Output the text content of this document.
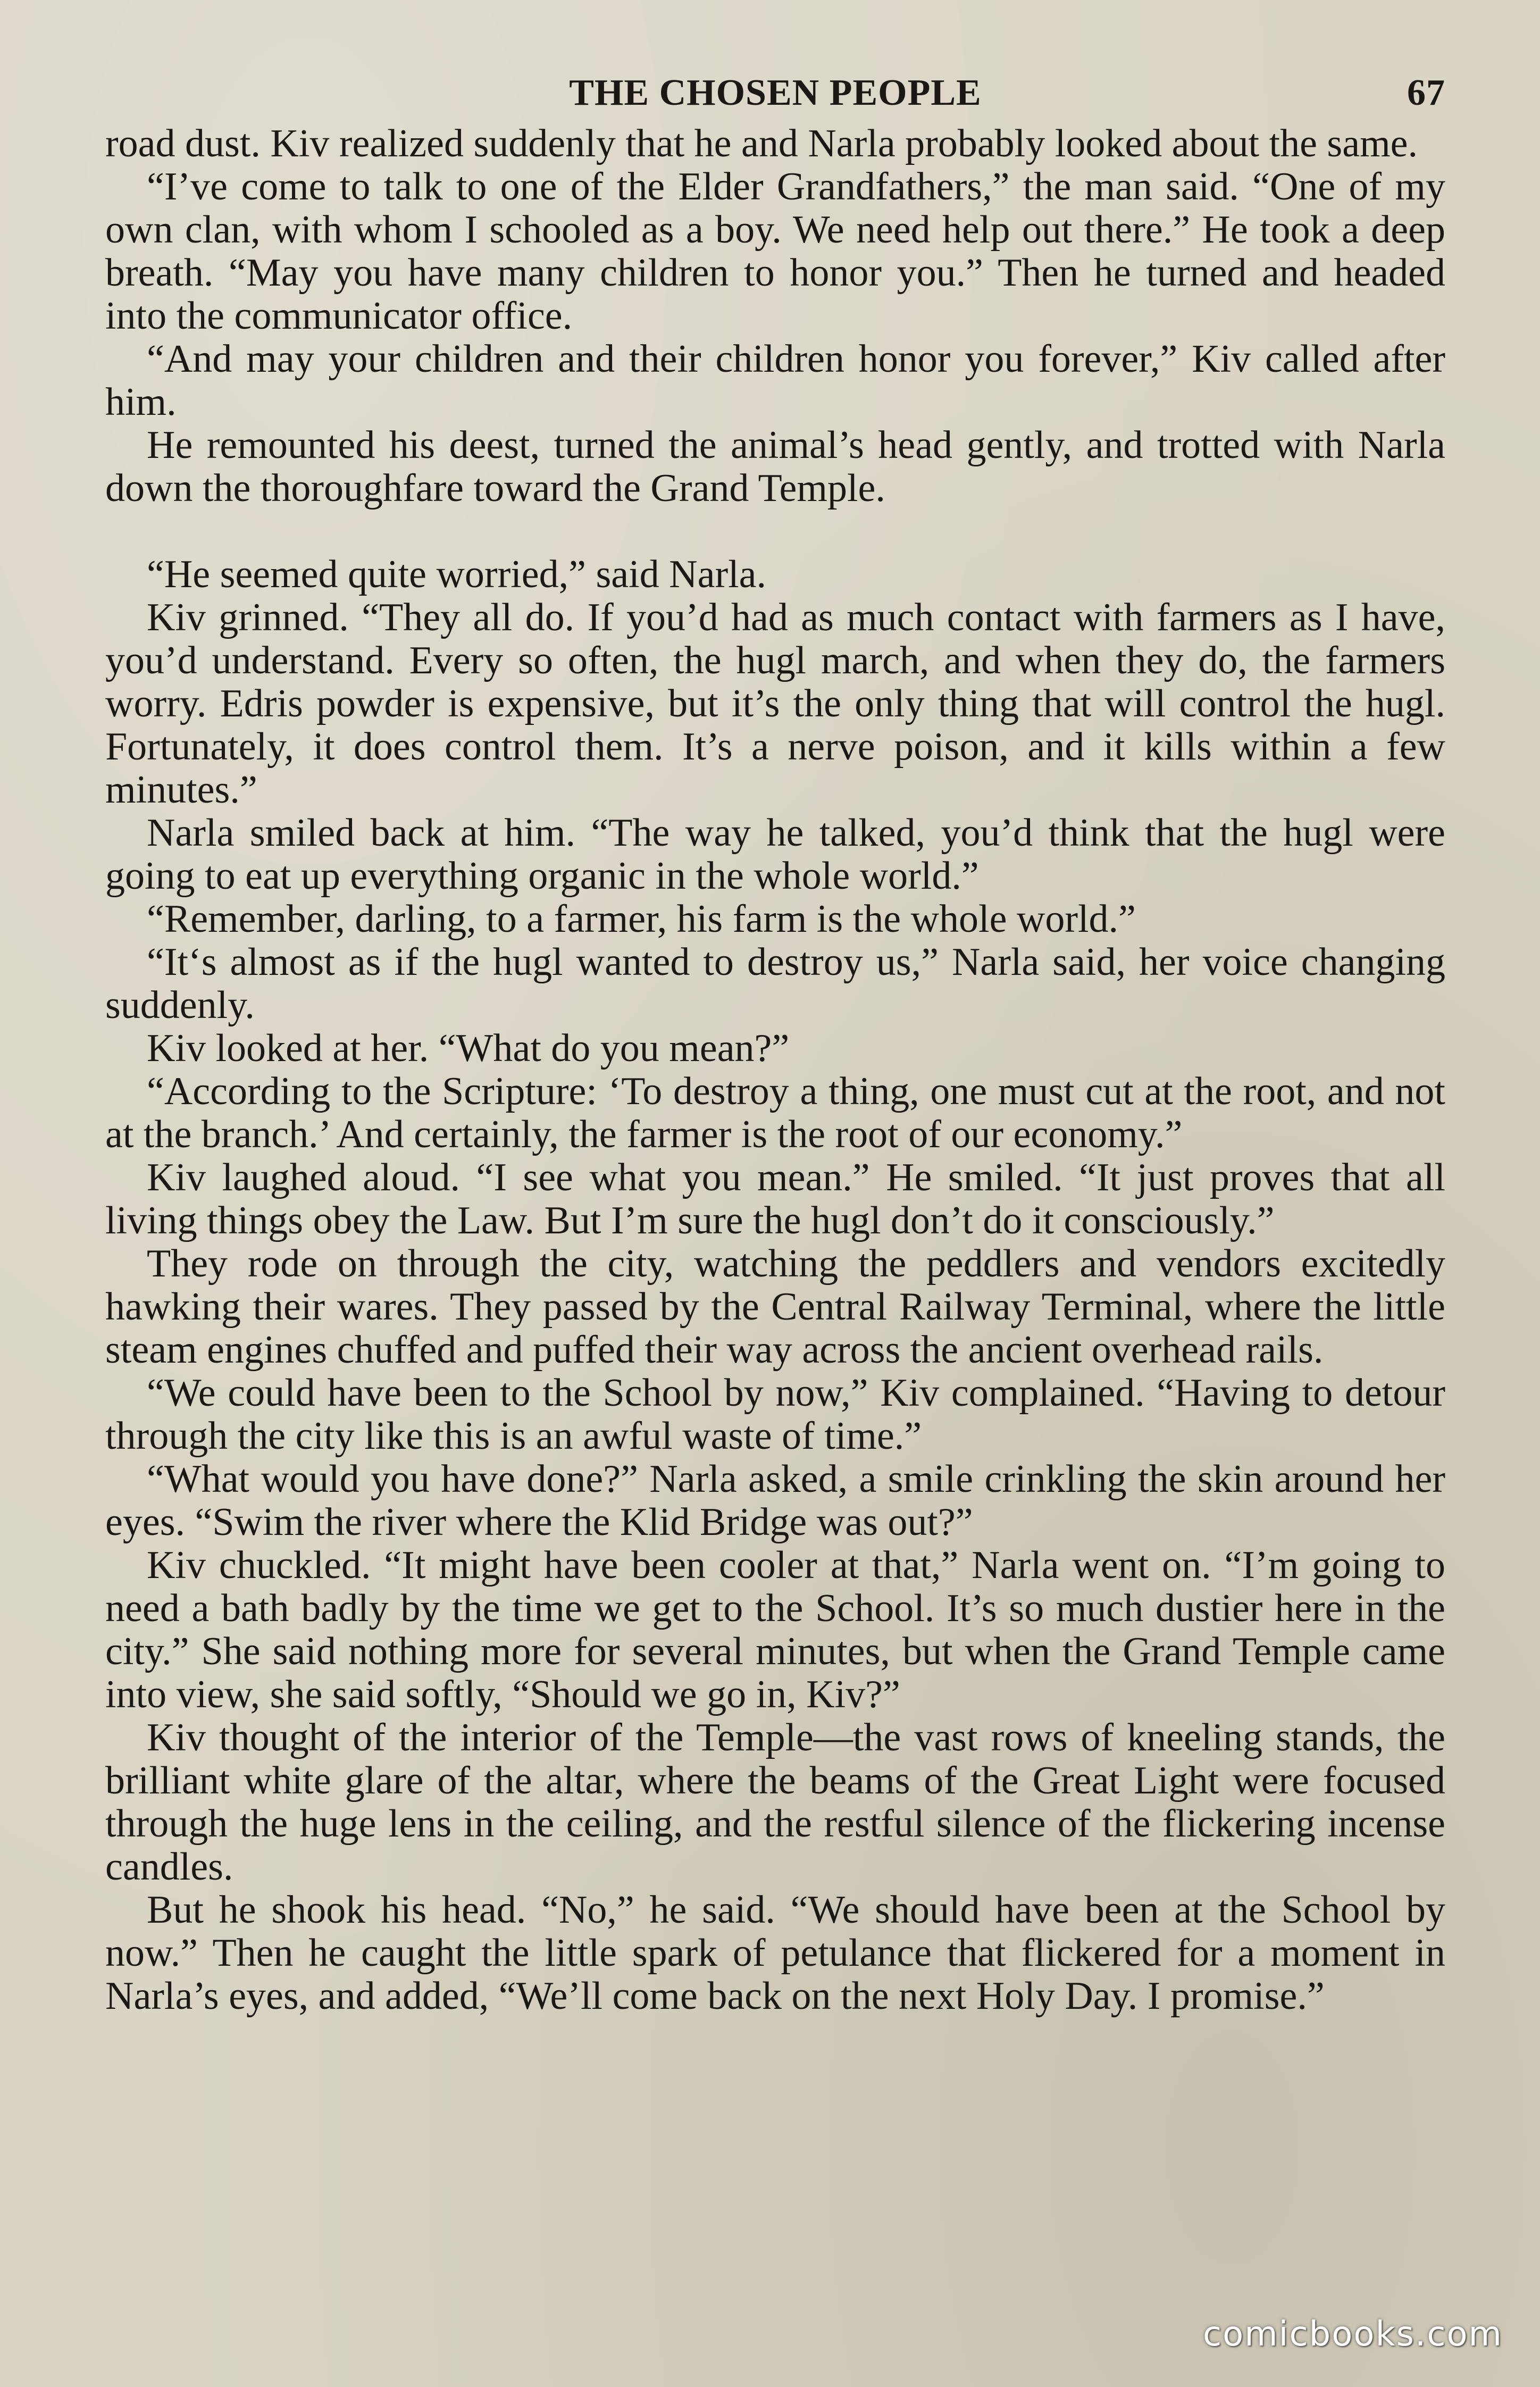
THE CHOSEN PEOPLE	67

road dust. Kiv realized suddenly that he and Narla probably looked about the same.

“I’ve come to talk to one of the Elder Grandfathers,” the man said. “One of my own clan, with whom I schooled as a boy. We need help out there.” He took a deep breath. “May you have many children to honor you.” Then he turned and headed into the communicator office.

“And may your children and their children honor you forever,” Kiv called after him.

He remounted his deest, turned the animal’s head gently, and trotted with Narla down the thoroughfare toward the Grand Temple.

“He seemed quite worried,” said Narla.

Kiv grinned. “They all do. If you’d had as much contact with farmers as I have, you’d understand. Every so often, the hugl march, and when they do, the farmers worry. Edris powder is expensive, but it’s the only thing that will control the hugl. Fortunately, it does control them. It’s a nerve poison, and it kills within a few minutes.”

Narla smiled back at him. “The way he talked, you’d think that the hugl were going to eat up everything organic in the whole world.”

“Remember, darling, to a farmer, his farm is the whole world.”

“It‘s almost as if the hugl wanted to destroy us,” Narla said, her voice changing suddenly.

Kiv looked at her. “What do you mean?”

“According to the Scripture: ‘To destroy a thing, one must cut at the root, and not at the branch.’ And certainly, the farmer is the root of our economy.”

Kiv laughed aloud. “I see what you mean.” He smiled. “It just proves that all living things obey the Law. But I’m sure the hugl don’t do it consciously.”

They rode on through the city, watching the peddlers and vendors excitedly hawking their wares. They passed by the Central Railway Terminal, where the little steam engines chuffed and puffed their way across the ancient overhead rails.

“We could have been to the School by now,” Kiv complained. “Having to detour through the city like this is an awful waste of time.”

“What would you have done?” Narla asked, a smile crinkling the skin around her eyes. “Swim the river where the Klid Bridge was out?”

Kiv chuckled. “It might have been cooler at that,” Narla went on. “I’m going to need a bath badly by the time we get to the School. It’s so much dustier here in the city.” She said nothing more for several minutes, but when the Grand Temple came into view, she said softly, “Should we go in, Kiv?”

Kiv thought of the interior of the Temple—the vast rows of kneeling stands, the brilliant white glare of the altar, where the beams of the Great Light were focused through the huge lens in the ceiling, and the restful silence of the flickering incense candles.

But he shook his head. “No,” he said. “We should have been at the School by now.” Then he caught the little spark of petulance that flickered for a moment in Narla’s eyes, and added, “We’ll come back on the next Holy Day. I promise.”

comicbooks.com
